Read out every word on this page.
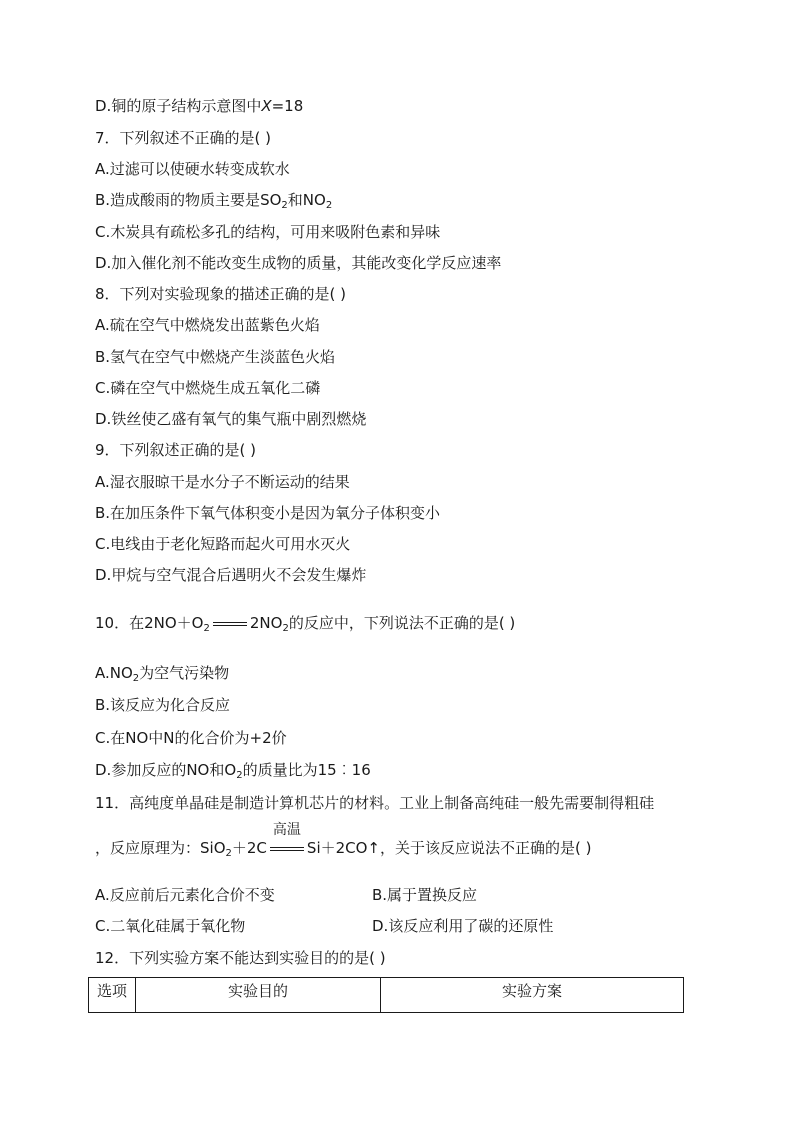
D.铜的原子结构示意图中X=18
7．下列叙述不正确的是( )
A.过滤可以使硬水转变成软水
B.造成酸雨的物质主要是$SO_2$和$NO_2$
C.木炭具有疏松多孔的结构，可用来吸附色素和异味
D.加入催化剂不能改变生成物的质量，其能改变化学反应速率
8．下列对实验现象的描述正确的是( )
A.硫在空气中燃烧发出蓝紫色火焰
B.氢气在空气中燃烧产生淡蓝色火焰
C.磷在空气中燃烧生成五氧化二磷
D.铁丝使乙盛有氧气的集气瓶中剧烈燃烧
9．下列叙述正确的是( )
A.湿衣服晾干是水分子不断运动的结果
B.在加压条件下氧气体积变小是因为氧分子体积变小
C.电线由于老化短路而起火可用水灭火
D.甲烷与空气混合后遇明火不会发生爆炸
10．在$2NO+O_2$	$2NO_2$的反应中，下列说法不正确的是( )
$A.NO_2$为空气污染物
B.该反应为化合反应
C.在NO中N的化合价为+2价
D.参加反应的NO和$O_2$的质量比为15︰16
11．高纯度单晶硅是制造计算机芯片的材料。工业上制备高纯硅一般先需要制得粗硅
，反应原理为：SiO$_2$＋2C
高温
Si＋2CO↑，关于该反应说法不正确的是( )
A.反应前后元素化合价不变	B.属于置换反应
C.二氧化硅属于氧化物	D.该反应利用了碳的还原性
12．下列实验方案不能达到实验目的的是( )
选项	实验目的	实验方案
